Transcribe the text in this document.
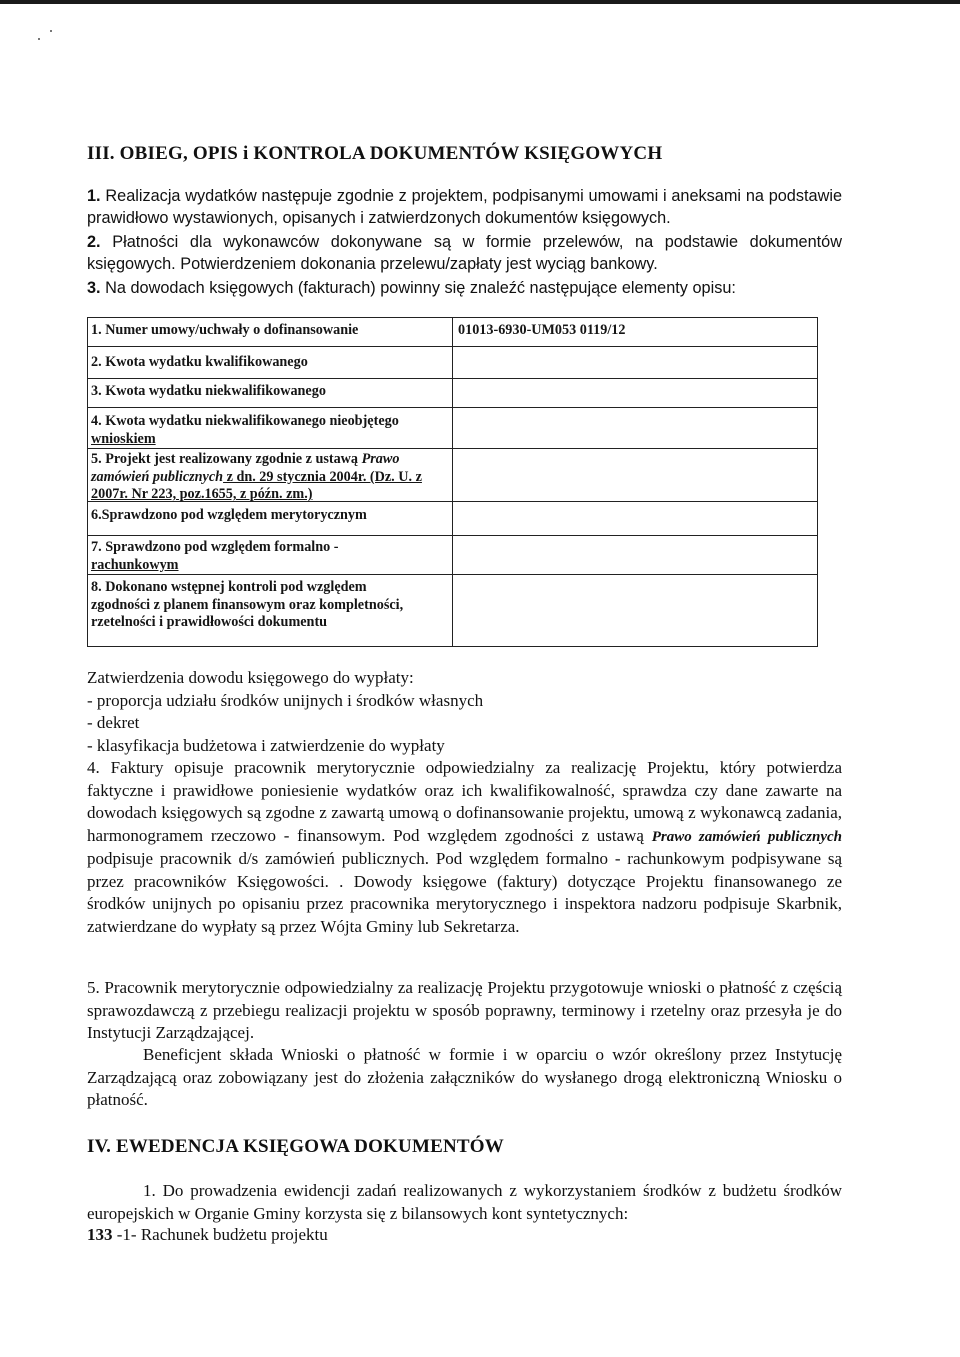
III. OBIEG, OPIS i KONTROLA DOKUMENTÓW KSIĘGOWYCH
1. Realizacja wydatków następuje zgodnie z projektem, podpisanymi umowami i aneksami na podstawie prawidłowo wystawionych, opisanych i zatwierdzonych dokumentów księgowych.
2. Płatności dla wykonawców dokonywane są w formie przelewów, na podstawie dokumentów księgowych. Potwierdzeniem dokonania przelewu/zapłaty jest wyciąg bankowy.
3. Na dowodach księgowych (fakturach) powinny się znaleźć następujące elementy opisu:
1. Numer umowy/uchwały o dofinansowanie	01013-6930-UM053 0119/12
2. Kwota wydatku kwalifikowanego
3. Kwota wydatku niekwalifikowanego
4. Kwota wydatku niekwalifikowanego nieobjętego
wnioskiem
5. Projekt jest realizowany zgodnie z ustawą Prawo zamówień publicznych z dn. 29 stycznia 2004r. (Dz. U. z 2007r. Nr 223, poz.1655, z późn. zm.)
6.Sprawdzono pod względem merytorycznym
7. Sprawdzono pod względem formalno -
rachunkowym
8. Dokonano wstępnej kontroli pod względem
zgodności z planem finansowym oraz kompletności,
rzetelności i prawidłowości dokumentu
Zatwierdzenia dowodu księgowego do wypłaty:
- proporcja udziału środków unijnych i środków własnych
- dekret
- klasyfikacja budżetowa i zatwierdzenie do wypłaty
4. Faktury opisuje pracownik merytorycznie odpowiedzialny za realizację Projektu, który potwierdza faktyczne i prawidłowe poniesienie wydatków oraz ich kwalifikowalność, sprawdza czy dane zawarte na dowodach księgowych są zgodne z zawartą umową o dofinansowanie projektu, umową z wykonawcą zadania, harmonogramem rzeczowo - finansowym. Pod względem zgodności z ustawą Prawo zamówień publicznych podpisuje pracownik d/s zamówień publicznych. Pod względem formalno - rachunkowym podpisywane są przez pracowników Księgowości. . Dowody księgowe (faktury) dotyczące Projektu finansowanego ze środków unijnych po opisaniu przez pracownika merytorycznego i inspektora nadzoru podpisuje Skarbnik, zatwierdzane do wypłaty są przez Wójta Gminy lub Sekretarza.
5. Pracownik merytorycznie odpowiedzialny za realizację Projektu przygotowuje wnioski o płatność z częścią sprawozdawczą z przebiegu realizacji projektu w sposób poprawny, terminowy i rzetelny oraz przesyła je do Instytucji Zarządzającej.
Beneficjent składa Wnioski o płatność w formie i w oparciu o wzór określony przez Instytucję Zarządzającą oraz zobowiązany jest do złożenia załączników do wysłanego drogą elektroniczną Wniosku o płatność.
IV. EWEDENCJA KSIĘGOWA DOKUMENTÓW
1. Do prowadzenia ewidencji zadań realizowanych z wykorzystaniem środków z budżetu środków europejskich w Organie Gminy korzysta się z bilansowych kont syntetycznych:
133 -1- Rachunek budżetu projektu
